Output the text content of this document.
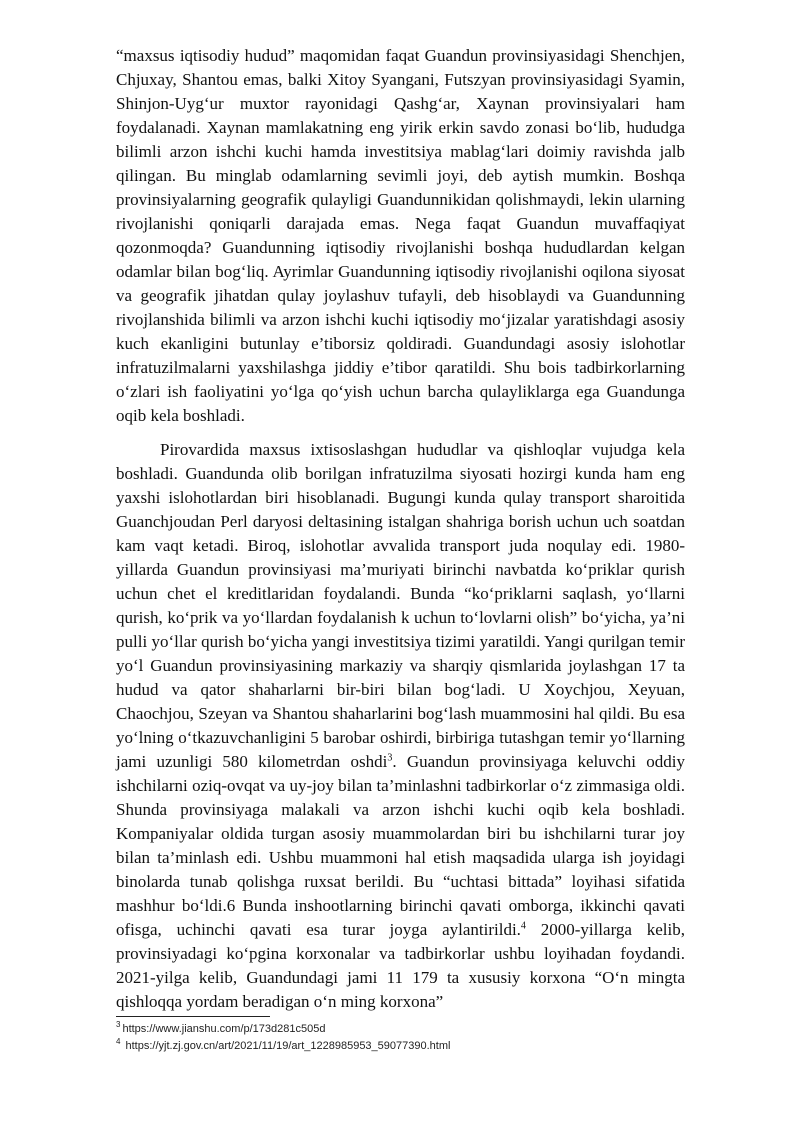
“maxsus iqtisodiy hudud” maqomidan faqat Guandun provinsiyasidagi Shenchjen, Chjuxay, Shantou emas, balki Xitoy Syangani, Futszyan provinsiyasidagi Syamin, Shinjon-Uyg‘ur muxtor rayonidagi Qashg‘ar, Xaynan provinsiyalari ham foydalanadi. Xaynan mamlakatning eng yirik erkin savdo zonasi bo‘lib, hududga bilimli arzon ishchi kuchi hamda investitsiya mablag‘lari doimiy ravishda jalb qilingan. Bu minglab odamlarning sevimli joyi, deb aytish mumkin. Boshqa provinsiyalarning geografik qulayligi Guandunnikidan qolishmaydi, lekin ularning rivojlanishi qoniqarli darajada emas. Nega faqat Guandun muvaffaqiyat qozonmoqda? Guandunning iqtisodiy rivojlanishi boshqa hududlardan kelgan odamlar bilan bog‘liq. Ayrimlar Guandunning iqtisodiy rivojlanishi oqilona siyosat va geografik jihatdan qulay joylashuv tufayli, deb hisoblaydi va Guandunning rivojlanshida bilimli va arzon ishchi kuchi iqtisodiy mo‘jizalar yaratishdagi asosiy kuch ekanligini butunlay e’tiborsiz qoldiradi. Guandundagi asosiy islohotlar infratuzilmalarni yaxshilashga jiddiy e’tibor qaratildi. Shu bois tadbirkorlarning o‘zlari ish faoliyatini yo‘lga qo‘yish uchun barcha qulayliklarga ega Guandunga oqib kela boshladi.

Pirovardida maxsus ixtisoslashgan hududlar va qishloqlar vujudga kela boshladi. Guandunda olib borilgan infratuzilma siyosati hozirgi kunda ham eng yaxshi islohotlardan biri hisoblanadi. Bugungi kunda qulay transport sharoitida Guanchjoudan Perl daryosi deltasining istalgan shahriga borish uchun uch soatdan kam vaqt ketadi. Biroq, islohotlar avvalida transport juda noqulay edi. 1980-yillarda Guandun provinsiyasi ma’muriyati birinchi navbatda ko‘priklar qurish uchun chet el kreditlaridan foydalandi. Bunda “ko‘priklarni saqlash, yo‘llarni qurish, ko‘prik va yo‘llardan foydalanish k uchun to‘lovlarni olish” bo‘yicha, ya’ni pulli yo‘llar qurish bo‘yicha yangi investitsiya tizimi yaratildi. Yangi qurilgan temir yo‘l Guandun provinsiyasining markaziy va sharqiy qismlarida joylashgan 17 ta hudud va qator shaharlarni bir-biri bilan bog‘ladi. U Xoychjou, Xeyuan, Chaochjou, Szeyan va Shantou shaharlarini bog‘lash muammosini hal qildi. Bu esa yo‘lning o‘tkazuvchanligini 5 barobar oshirdi, birbiriga tutashgan temir yo‘llarning jami uzunligi 580 kilometrdan oshdi$^3$. Guandun provinsiyaga keluvchi oddiy ishchilarni oziq-ovqat va uy-joy bilan ta’minlashni tadbirkorlar o‘z zimmasiga oldi. Shunda provinsiyaga malakali va arzon ishchi kuchi oqib kela boshladi. Kompaniyalar oldida turgan asosiy muammolardan biri bu ishchilarni turar joy bilan ta’minlash edi. Ushbu muammoni hal etish maqsadida ularga ish joyidagi binolarda tunab qolishga ruxsat berildi. Bu “uchtasi bittada” loyihasi sifatida mashhur bo‘ldi.6 Bunda inshootlarning birinchi qavati omborga, ikkinchi qavati ofisga, uchinchi qavati esa turar joyga aylantirildi.$^4$ 2000-yillarga kelib, provinsiyadagi ko‘pgina korxonalar va tadbirkorlar ushbu loyihadan foydandi. 2021-yilga kelib, Guandundagi jami 11 179 ta xususiy korxona “O‘n mingta qishloqqa yordam beradigan o‘n ming korxona”

$^3$ https://www.jianshu.com/p/173d281c505d
$^4$ https://yjt.zj.gov.cn/art/2021/11/19/art_1228985953_59077390.html
